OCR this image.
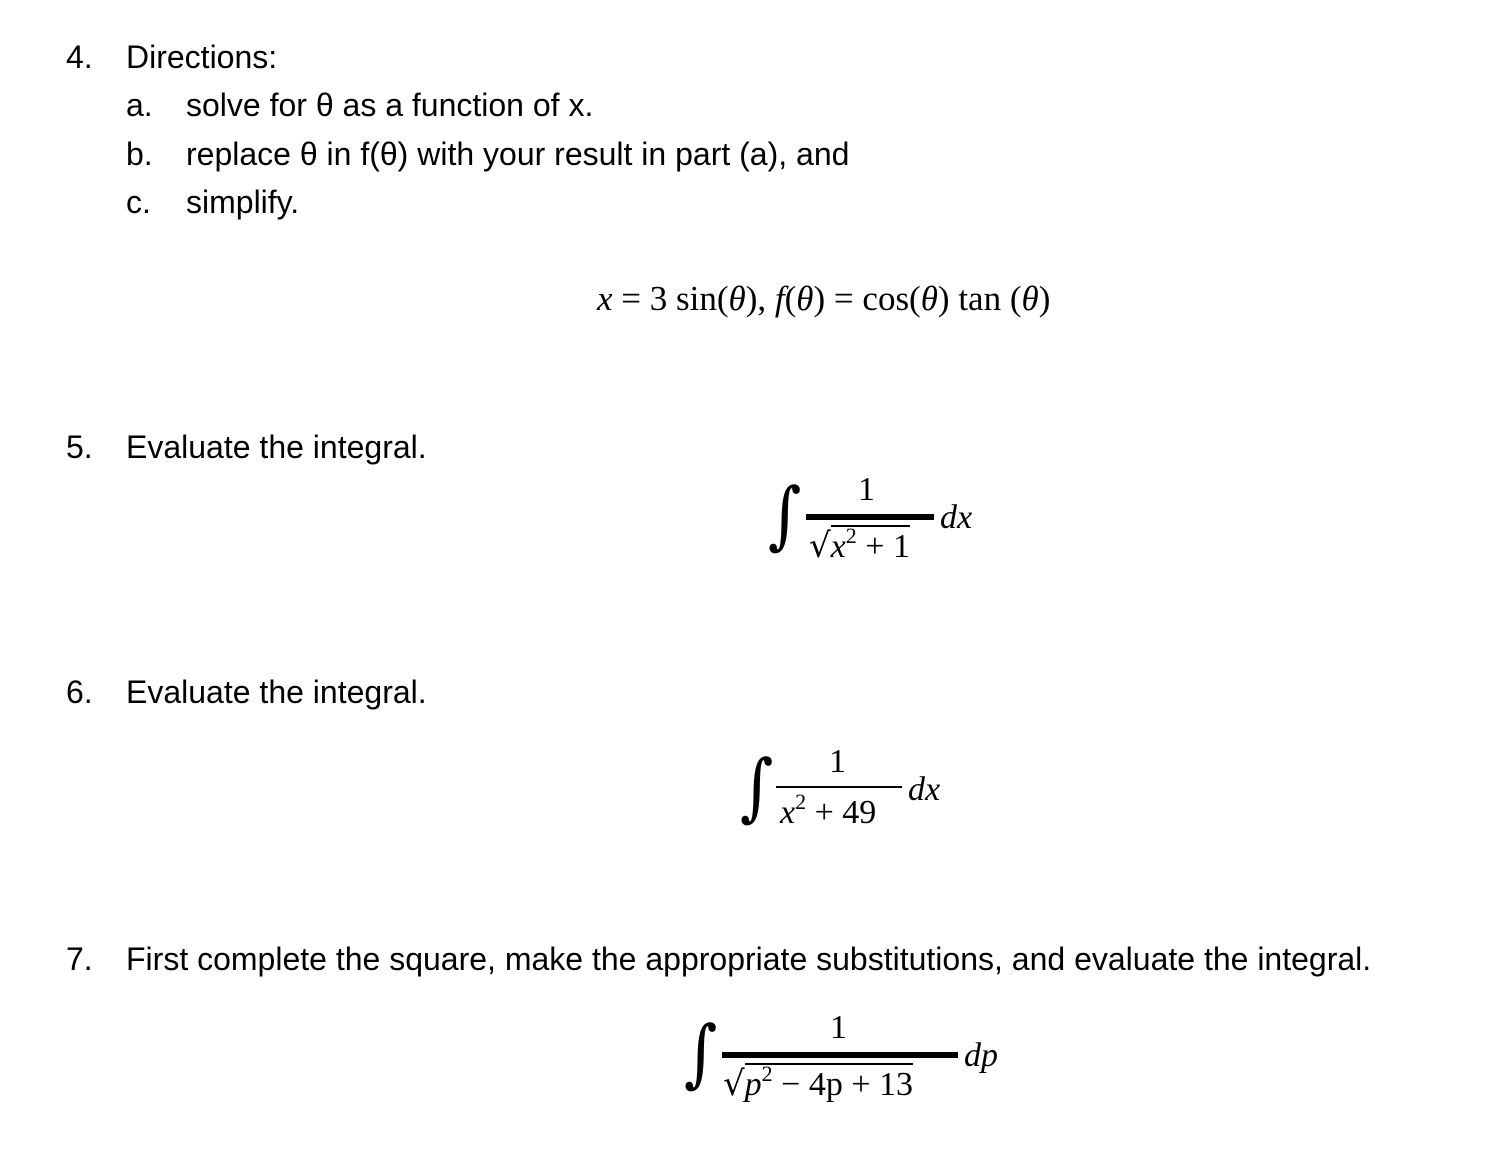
4. Directions:
a. solve for θ as a function of x.
b. replace θ in f(θ) with your result in part (a), and
c. simplify.
x = 3 sin(θ), f(θ) = cos(θ) tan (θ)
5. Evaluate the integral.
∫ 1
$√x^2 + 1$
dx
6. Evaluate the integral.
∫ 1
$x^2 + 49$
dx
7. First complete the square, make the appropriate substitutions, and evaluate the integral.
∫	1
$√p^2 - 4p + 13$
dp
